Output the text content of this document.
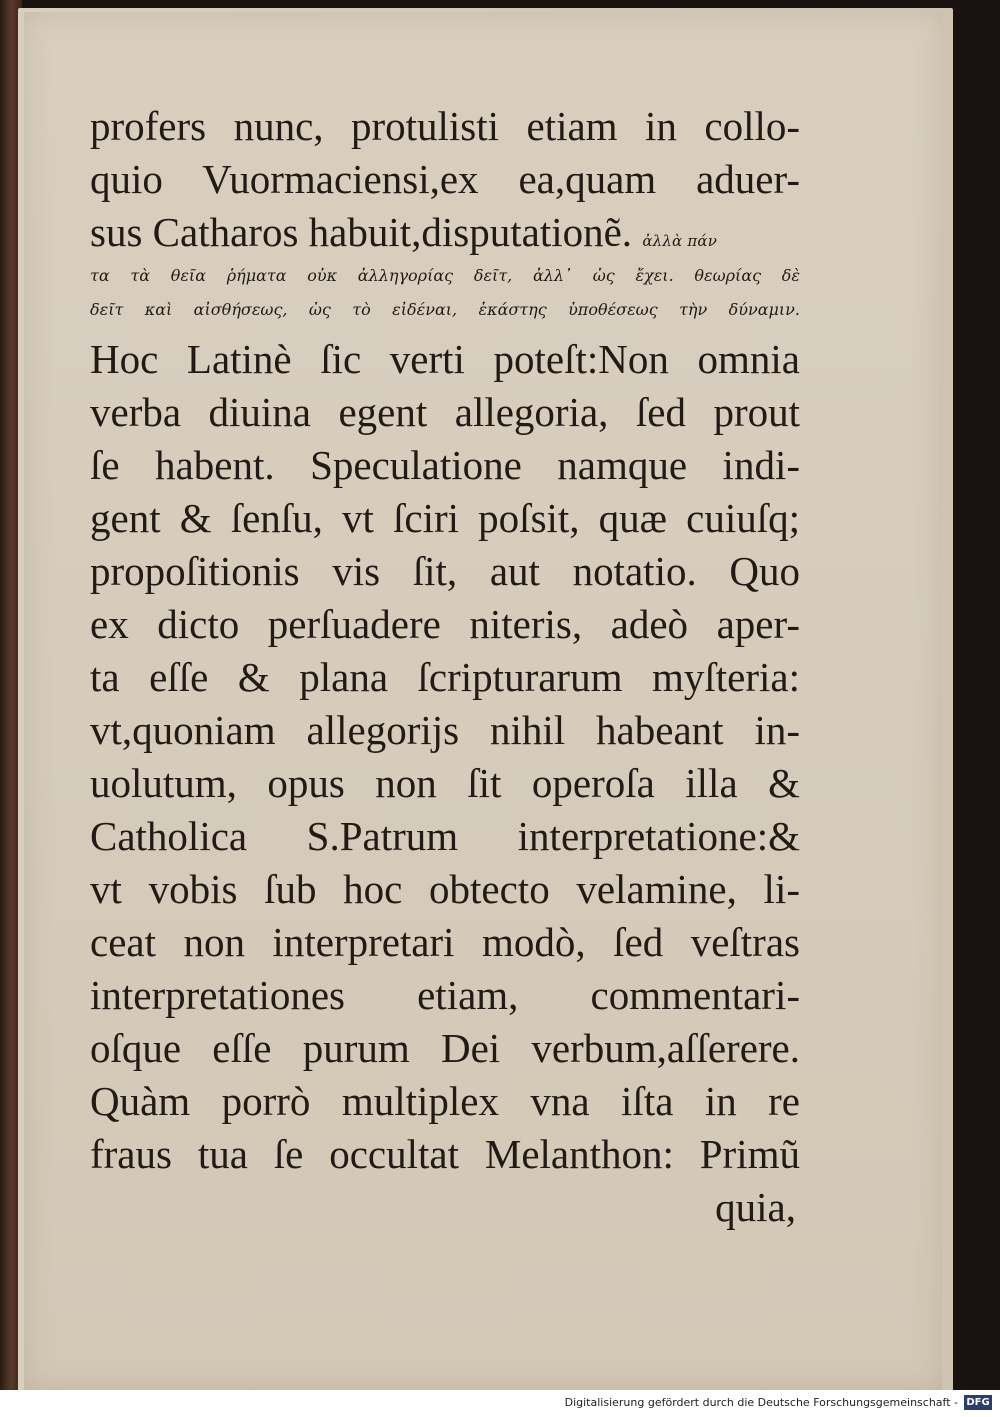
profers nunc, protulisti etiam in collo-
quio Vuormaciensi,ex ea,quam aduer-
sus Catharos habuit,disputationẽ. ἀλλὰ πάν
τα τὰ θεῖα ῥήματα οὐκ ἀλληγορίας δεῖτ, ἀλλ᾽ ὡς ἔχει. θεωρίας δὲ
δεῖτ καὶ αἰσθήσεως, ὡς τὸ εἰδέναι, ἑκάστης ὑποθέσεως τὴν δύναμιν.
Hoc Latinè ſic verti poteſt:Non omnia
verba diuina egent allegoria, ſed prout
ſe habent. Speculatione namque indi-
gent & ſenſu, vt ſciri poſsit, quæ cuiuſq;
propoſitionis vis ſit, aut notatio. Quo
ex dicto perſuadere niteris, adeò aper-
ta eſſe & plana ſcripturarum myſteria:
vt,quoniam allegorijs nihil habeant in-
uolutum, opus non ſit operoſa illa &
Catholica S.Patrum interpretatione:&
vt vobis ſub hoc obtecto velamine, li-
ceat non interpretari modò, ſed veſtras
interpretationes etiam, commentari-
oſque eſſe purum Dei verbum,aſſerere.
Quàm porrò multiplex vna iſta in re
fraus tua ſe occultat Melanthon: Primũ
quia,
Digitalisierung gefördert durch die Deutsche Forschungsgemeinschaft - DFG
